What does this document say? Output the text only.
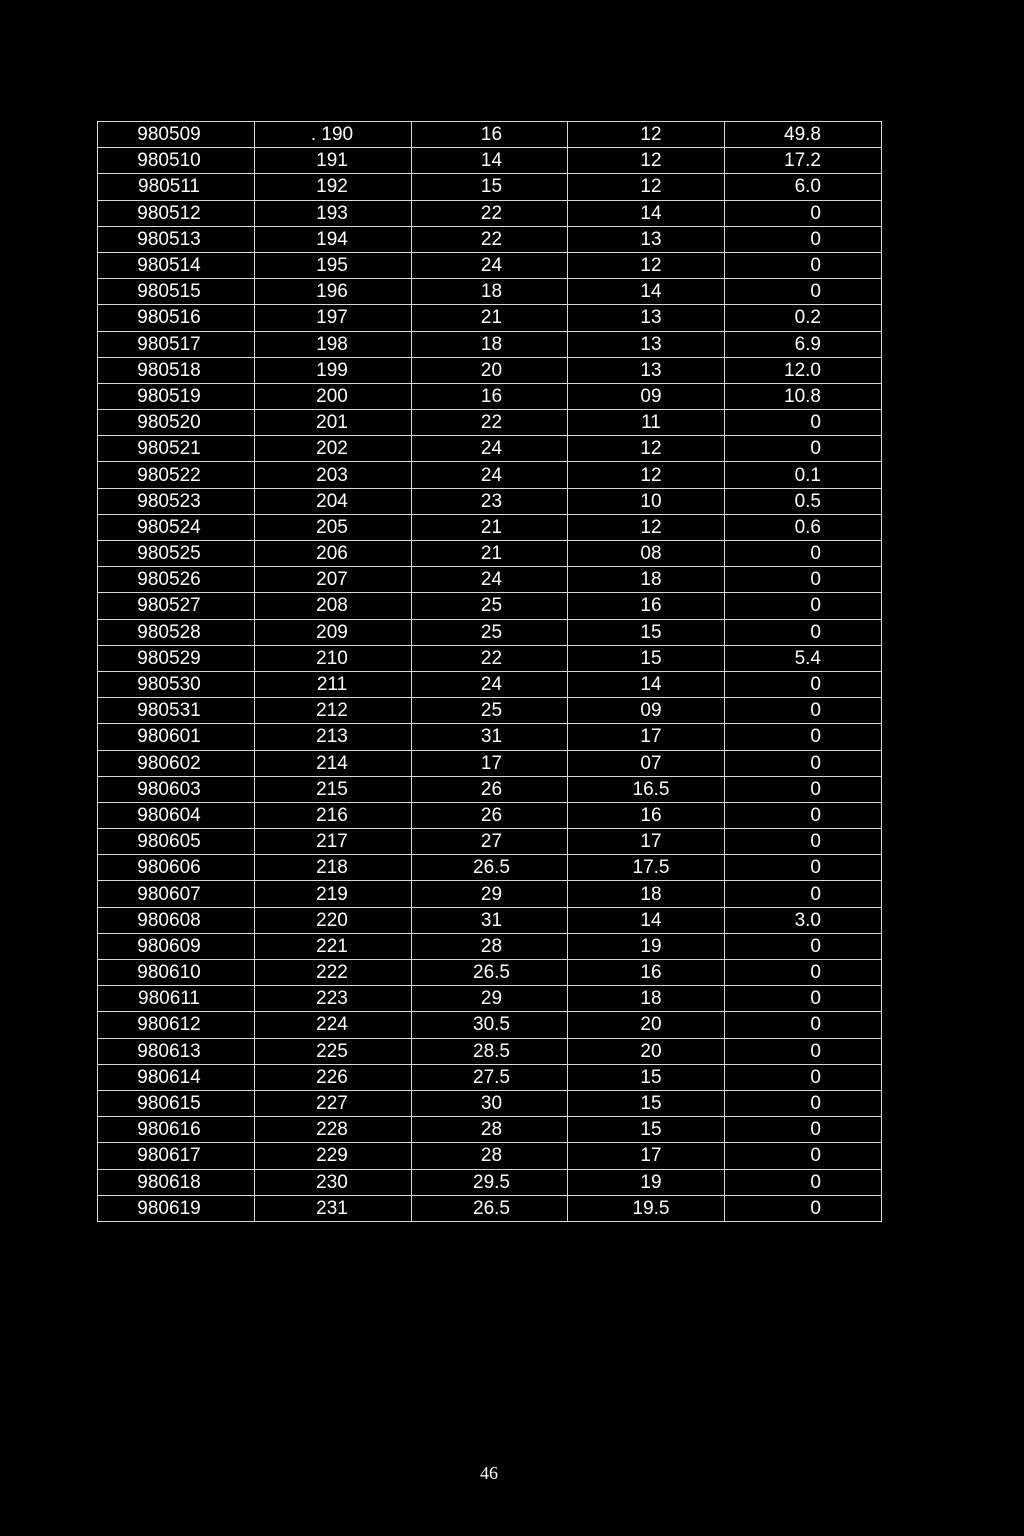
980509	. 190	16	12	49.8
980510	191	14	12	17.2
980511	192	15	12	6.0
980512	193	22	14	0
980513	194	22	13	0
980514	195	24	12	0
980515	196	18	14	0
980516	197	21	13	0.2
980517	198	18	13	6.9
980518	199	20	13	12.0
980519	200	16	09	10.8
980520	201	22	11	0
980521	202	24	12	0
980522	203	24	12	0.1
980523	204	23	10	0.5
980524	205	21	12	0.6
980525	206	21	08	0
980526	207	24	18	0
980527	208	25	16	0
980528	209	25	15	0
980529	210	22	15	5.4
980530	211	24	14	0
980531	212	25	09	0
980601	213	31	17	0
980602	214	17	07	0
980603	215	26	16.5	0
980604	216	26	16	0
980605	217	27	17	0
980606	218	26.5	17.5	0
980607	219	29	18	0
980608	220	31	14	3.0
980609	221	28	19	0
980610	222	26.5	16	0
980611	223	29	18	0
980612	224	30.5	20	0
980613	225	28.5	20	0
980614	226	27.5	15	0
980615	227	30	15	0
980616	228	28	15	0
980617	229	28	17	0
980618	230	29.5	19	0
980619	231	26.5	19.5	0
46
